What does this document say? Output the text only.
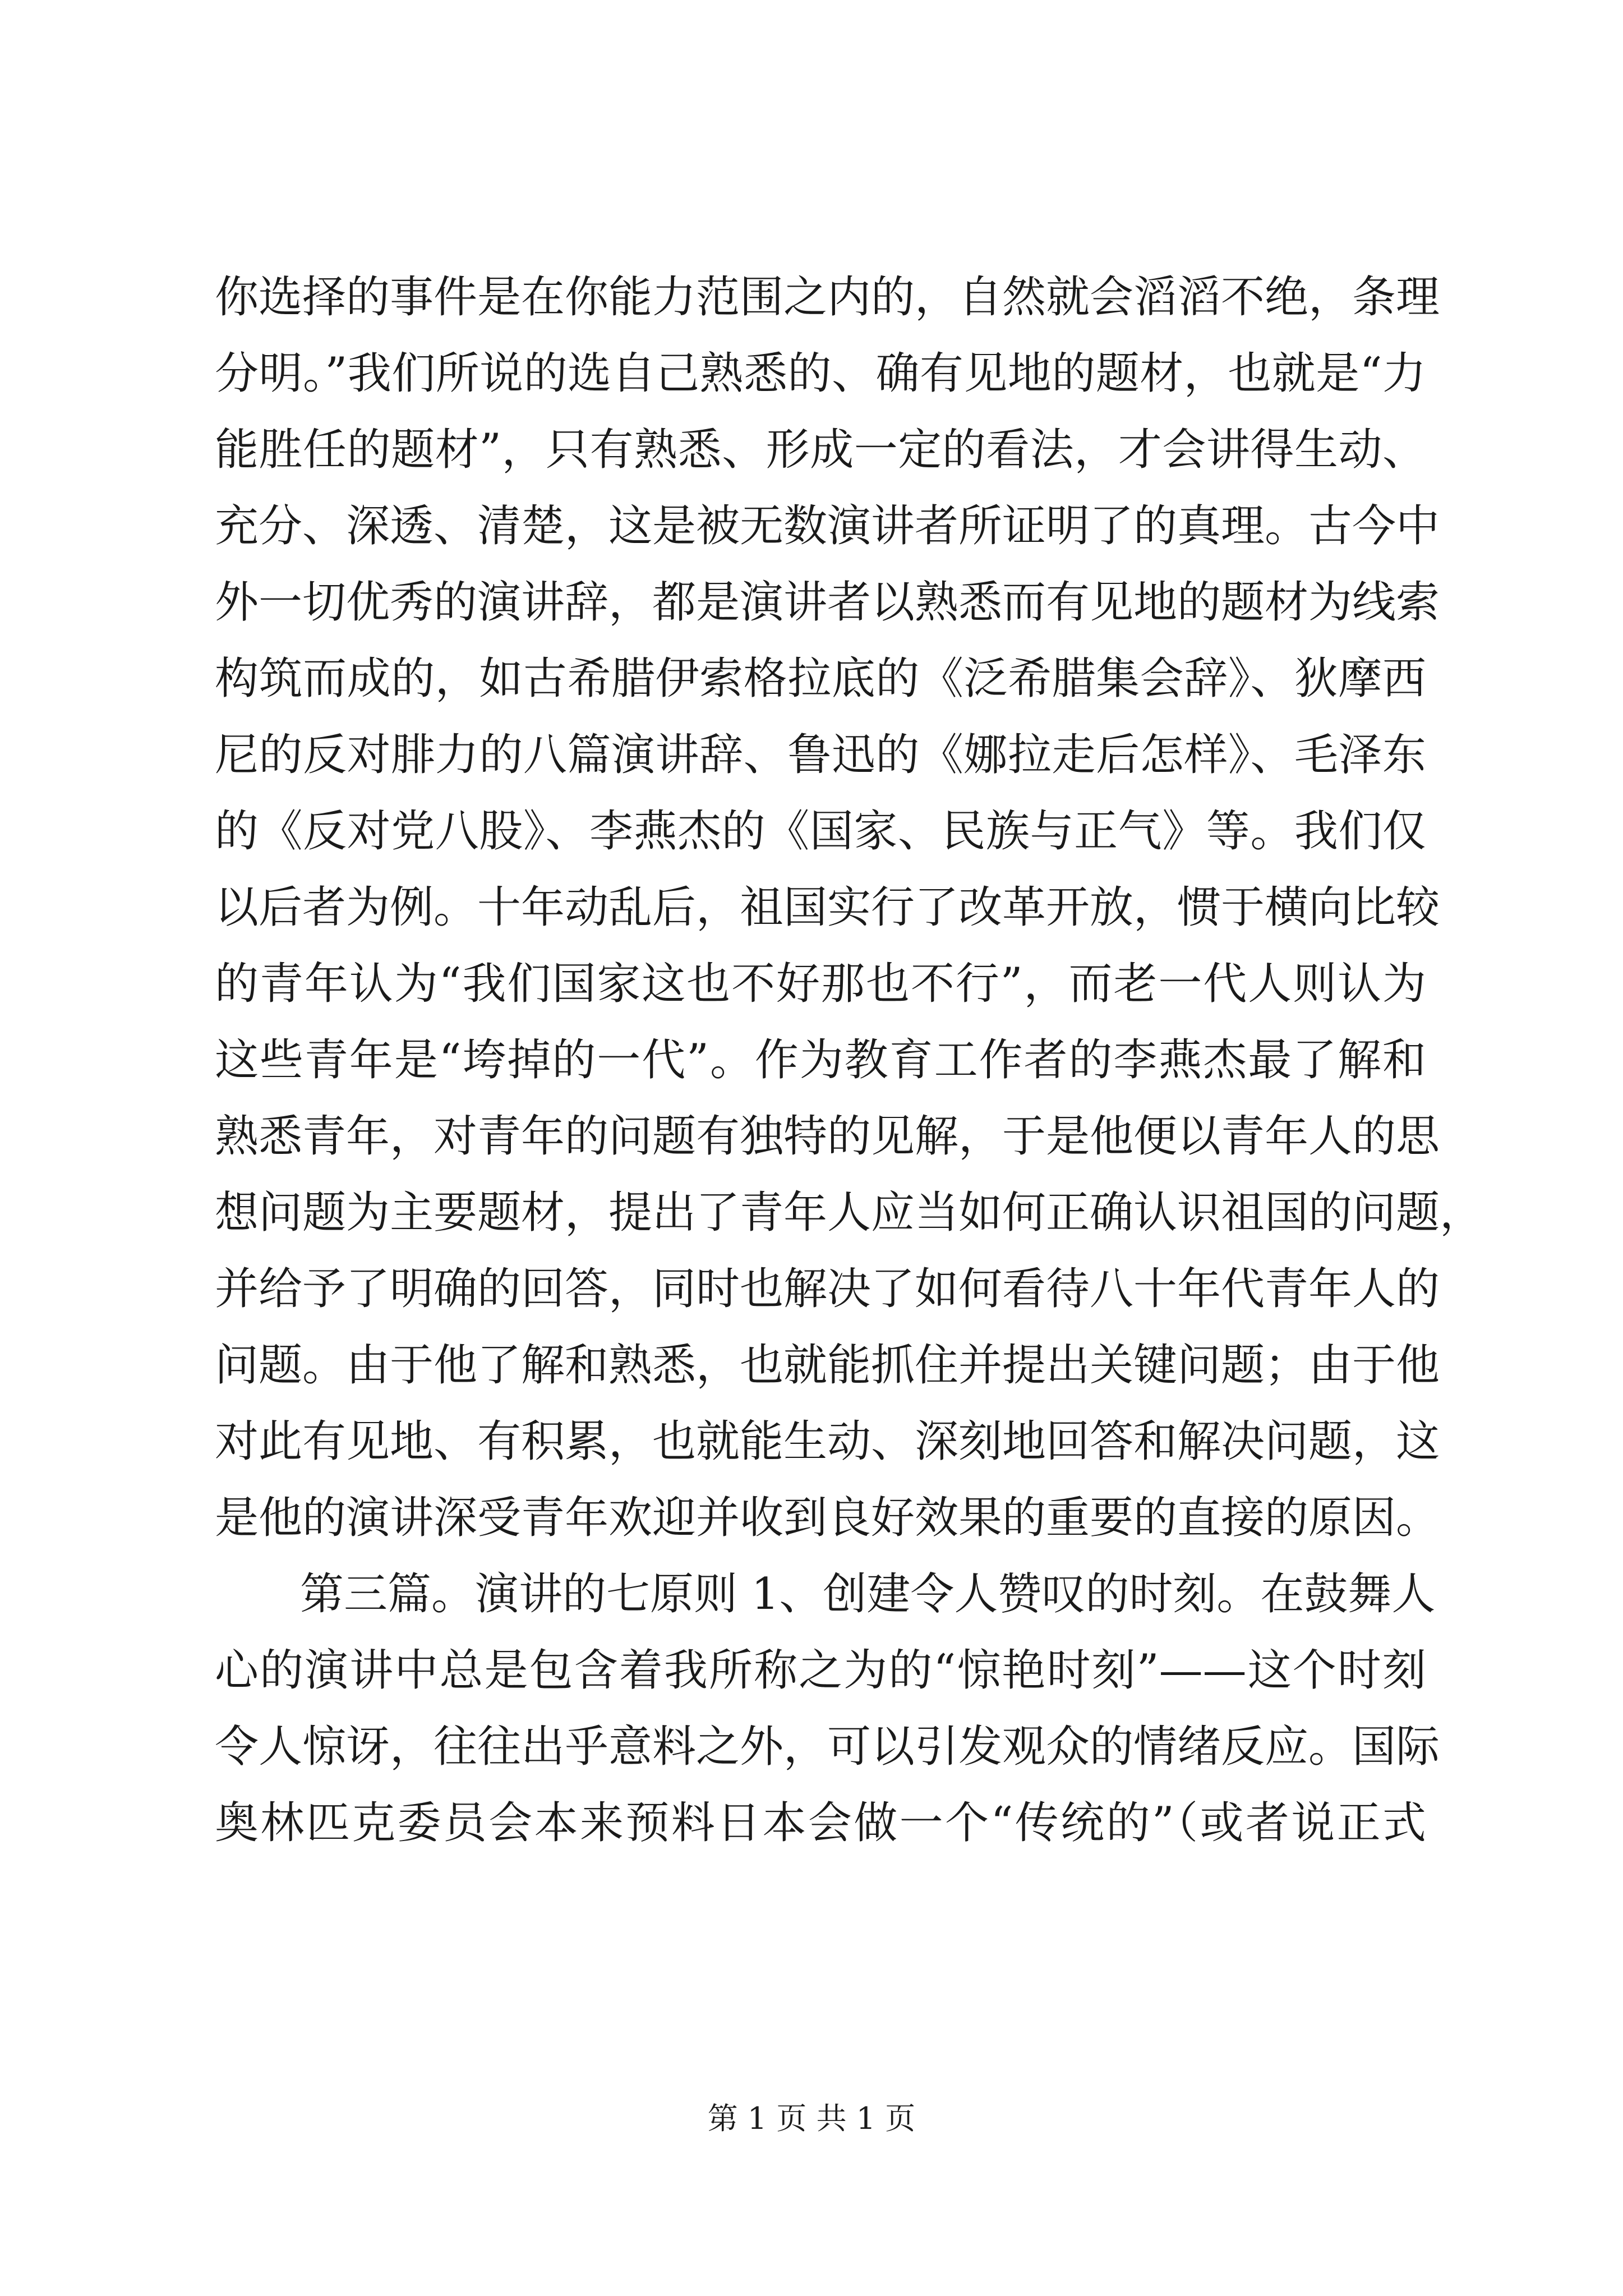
你选择的事件是在你能力范围之内的，自然就会滔滔不绝，条理
分明。”我们所说的选自己熟悉的、确有见地的题材，也就是“力
能胜任的题材”，只有熟悉、形成一定的看法，才会讲得生动、
充分、深透、清楚，这是被无数演讲者所证明了的真理。古今中
外一切优秀的演讲辞，都是演讲者以熟悉而有见地的题材为线索
构筑而成的，如古希腊伊索格拉底的《泛希腊集会辞》、狄摩西
尼的反对腓力的八篇演讲辞、鲁迅的《娜拉走后怎样》、毛泽东
的《反对党八股》、李燕杰的《国家、民族与正气》等。我们仅
以后者为例。十年动乱后，祖国实行了改革开放，惯于横向比较
的青年认为“我们国家这也不好那也不行”，而老一代人则认为
这些青年是“垮掉的一代”。作为教育工作者的李燕杰最了解和
熟悉青年，对青年的问题有独特的见解，于是他便以青年人的思
想问题为主要题材，提出了青年人应当如何正确认识祖国的问题，
并给予了明确的回答，同时也解决了如何看待八十年代青年人的
问题。由于他了解和熟悉，也就能抓住并提出关键问题；由于他
对此有见地、有积累，也就能生动、深刻地回答和解决问题，这
是他的演讲深受青年欢迎并收到良好效果的重要的直接的原因。
第三篇。演讲的七原则 1、创建令人赞叹的时刻。在鼓舞人
心的演讲中总是包含着我所称之为的“惊艳时刻”——这个时刻
令人惊讶，往往出乎意料之外，可以引发观众的情绪反应。国际
奥林匹克委员会本来预料日本会做一个“传统的”（或者说正式
第 1 页 共 1 页
